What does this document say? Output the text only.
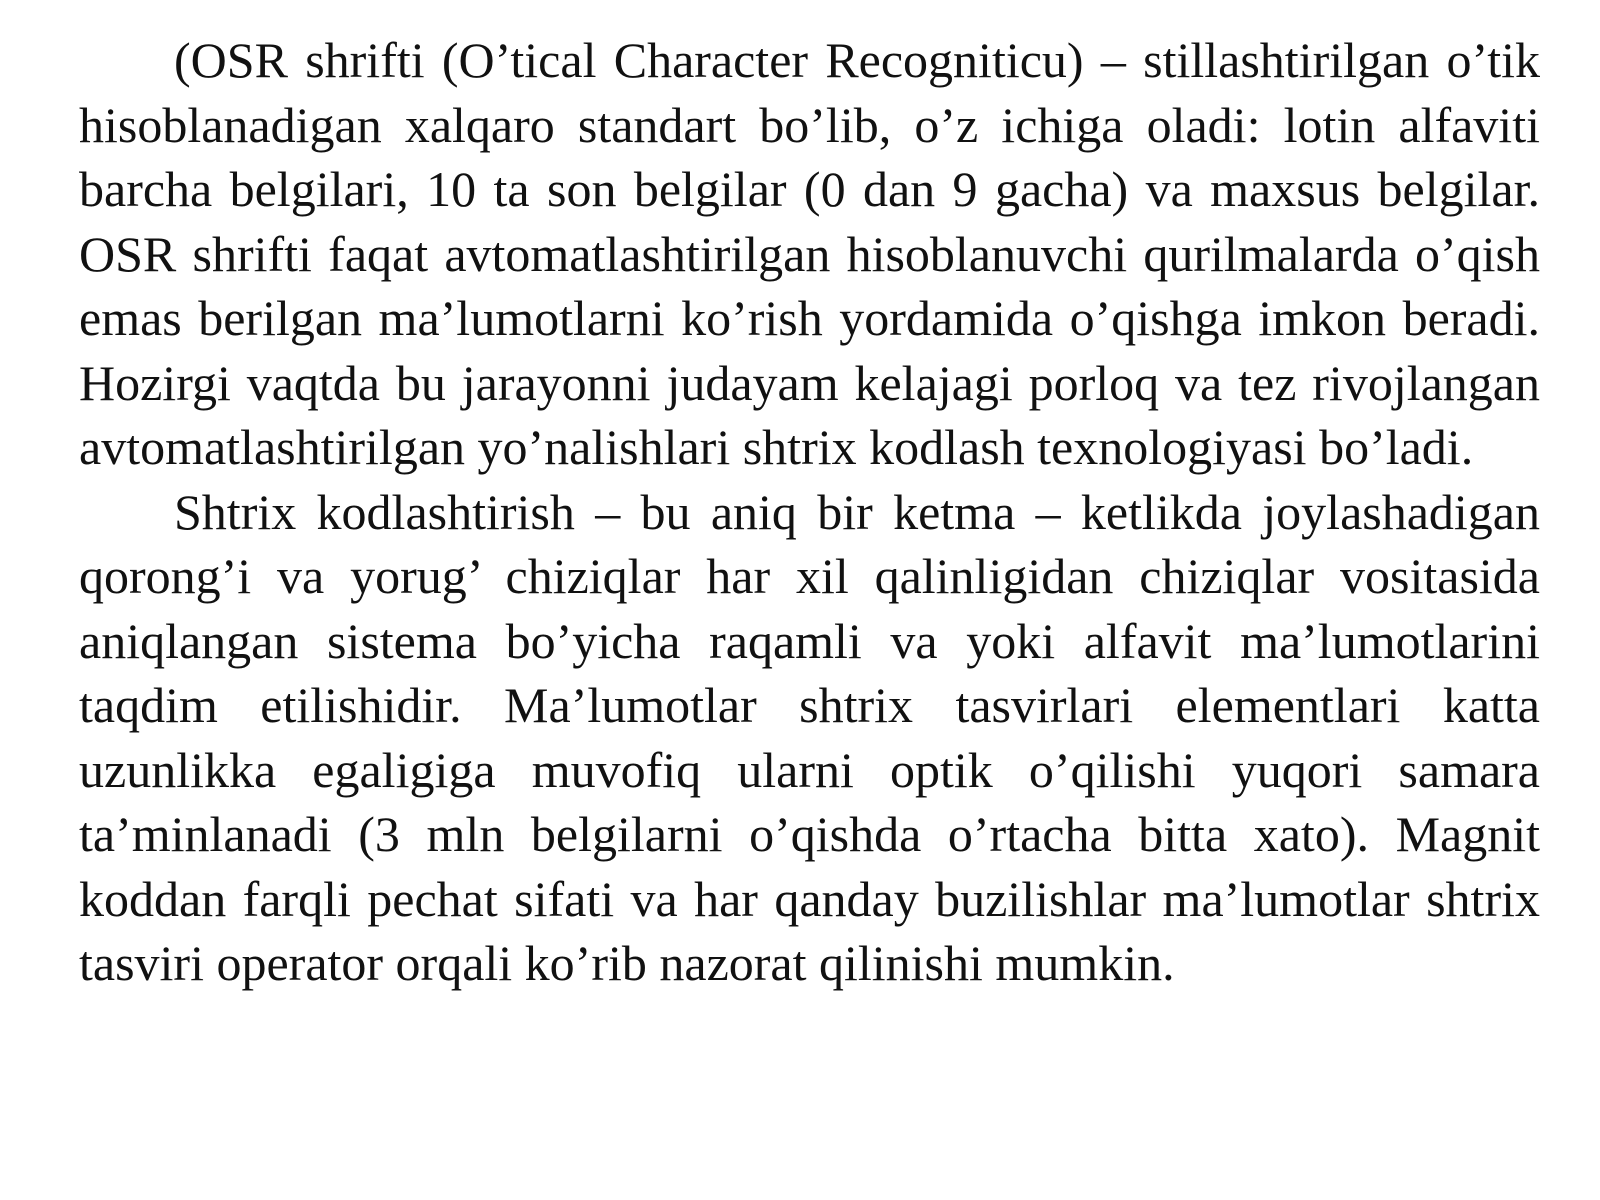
(OSR shrifti (O’tical Character Recogniticu) – stillashtirilgan o’tik hisoblanadigan xalqaro standart bo’lib, o’z ichiga oladi: lotin alfaviti barcha belgilari, 10 ta son belgilar (0 dan 9 gacha) va maxsus belgilar. OSR shrifti faqat avtomatlashtirilgan hisoblanuvchi qurilmalarda o’qish emas berilgan ma’lumotlarni ko’rish yordamida o’qishga imkon beradi. Hozirgi vaqtda bu jarayonni judayam kelajagi porloq va tez rivojlangan avtomatlashtirilgan yo’nalishlari shtrix kodlash texnologiyasi bo’ladi.

Shtrix kodlashtirish – bu aniq bir ketma – ketlikda joylashadigan qorong’i va yorug’ chiziqlar har xil qalinligidan chiziqlar vositasida aniqlangan sistema bo’yicha raqamli va yoki alfavit ma’lumotlarini taqdim etilishidir. Ma’lumotlar shtrix tasvirlari elementlari katta uzunlikka egaligiga muvofiq ularni optik o’qilishi yuqori samara ta’minlanadi (3 mln belgilarni o’qishda o’rtacha bitta xato). Magnit koddan farqli pechat sifati va har qanday buzilishlar ma’lumotlar shtrix tasviri operator orqali ko’rib nazorat qilinishi mumkin.
